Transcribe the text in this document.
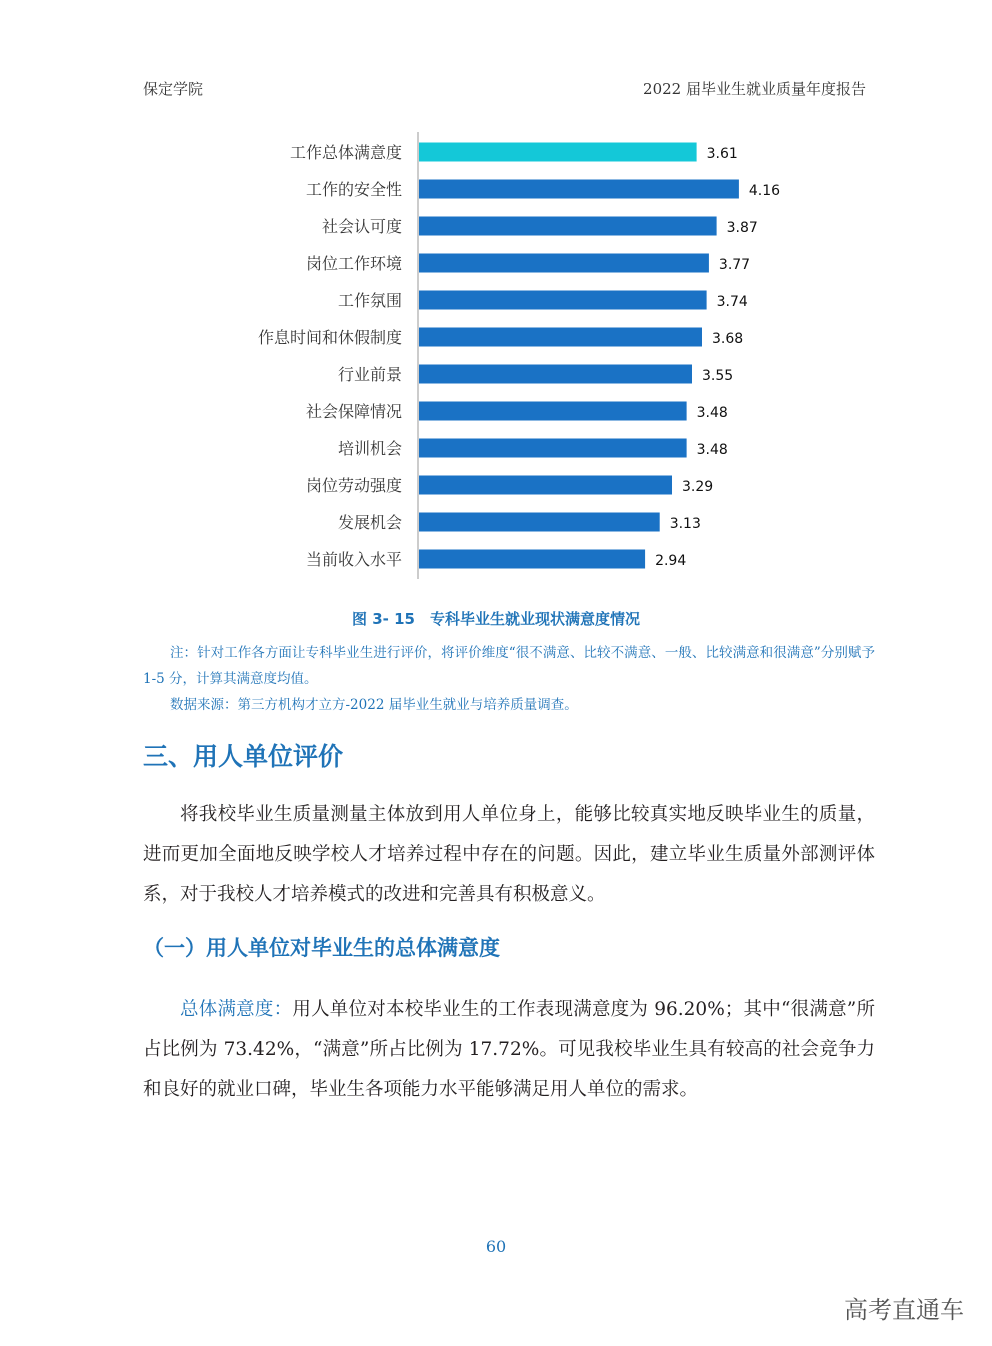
保定学院	2022 届毕业生就业质量年度报告
工作总体满意度	3.61
工作的安全性	4.16
社会认可度	3.87
岗位工作环境	3.77
工作氛围	3.74
作息时间和休假制度	3.68
行业前景	3.55
社会保障情况	3.48
培训机会	3.48
岗位劳动强度	3.29
发展机会	3.13
当前收入水平	2.94
图 3- 15　专科毕业生就业现状满意度情况
注：针对工作各方面让专科毕业生进行评价，将评价维度“很不满意、比较不满意、一般、比较满意和很满意”分别赋予 1-5 分，计算其满意度均值。
数据来源：第三方机构才立方-2022 届毕业生就业与培养质量调查。
三、用人单位评价
将我校毕业生质量测量主体放到用人单位身上，能够比较真实地反映毕业生的质量，进而更加全面地反映学校人才培养过程中存在的问题。因此，建立毕业生质量外部测评体系，对于我校人才培养模式的改进和完善具有积极意义。
（一）用人单位对毕业生的总体满意度
总体满意度：用人单位对本校毕业生的工作表现满意度为 96.20%；其中“很满意”所占比例为 73.42%，“满意”所占比例为 17.72%。可见我校毕业生具有较高的社会竞争力和良好的就业口碑，毕业生各项能力水平能够满足用人单位的需求。
60
高考直通车
